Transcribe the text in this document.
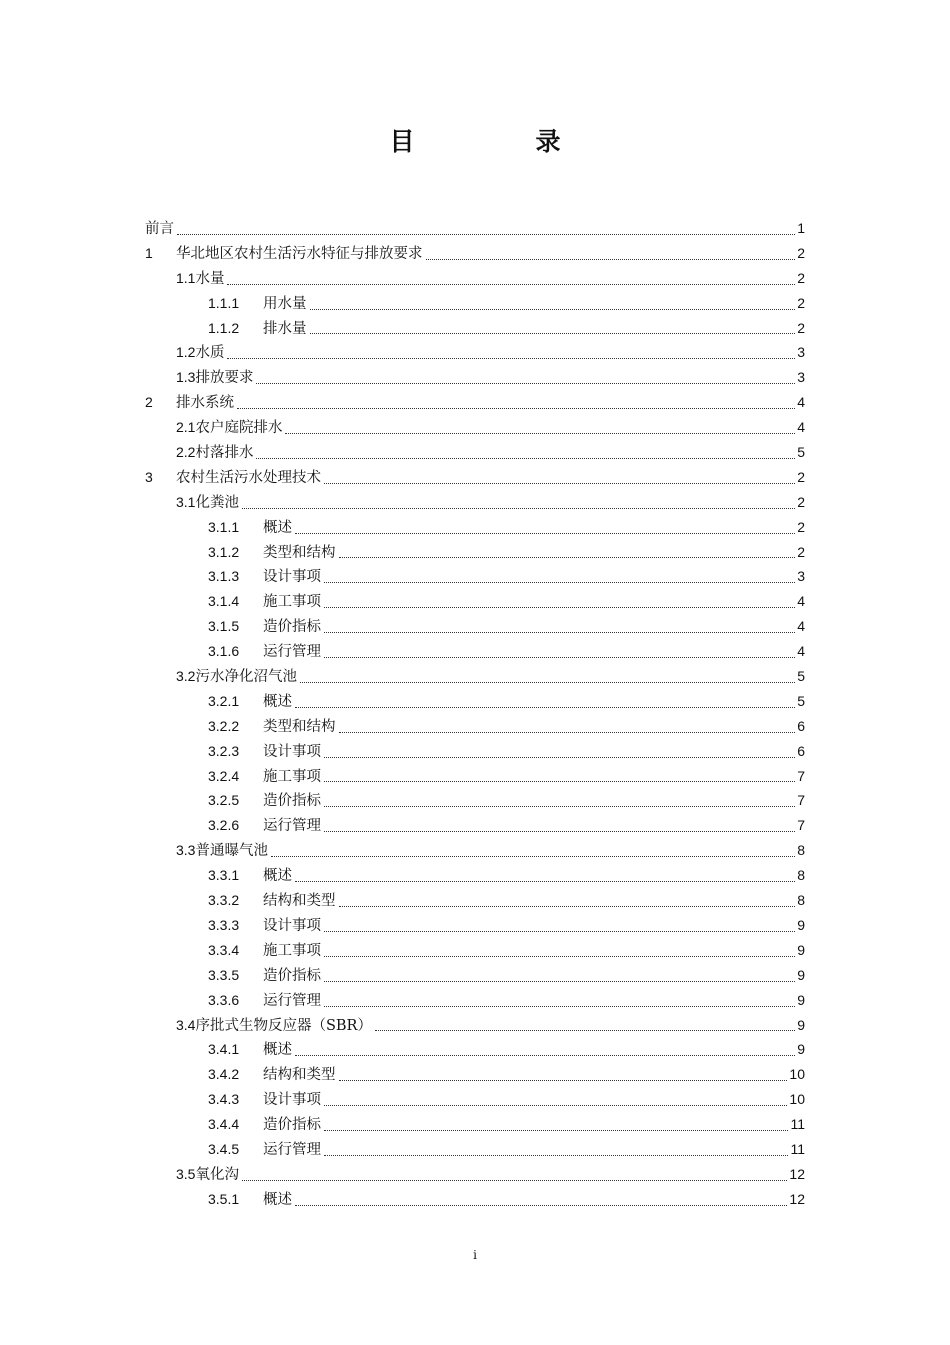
目　录
前言	1
1	华北地区农村生活污水特征与排放要求	2
1.1 水量	2
1.1.1	用水量	2
1.1.2	排水量	2
1.2 水质	3
1.3 排放要求	3
2	排水系统	4
2.1 农户庭院排水	4
2.2 村落排水	5
3	农村生活污水处理技术	2
3.1 化粪池	2
3.1.1	概述	2
3.1.2	类型和结构	2
3.1.3	设计事项	3
3.1.4	施工事项	4
3.1.5	造价指标	4
3.1.6	运行管理	4
3.2 污水净化沼气池	5
3.2.1	概述	5
3.2.2	类型和结构	6
3.2.3	设计事项	6
3.2.4	施工事项	7
3.2.5	造价指标	7
3.2.6	运行管理	7
3.3 普通曝气池	8
3.3.1	概述	8
3.3.2	结构和类型	8
3.3.3	设计事项	9
3.3.4	施工事项	9
3.3.5	造价指标	9
3.3.6	运行管理	9
3.4 序批式生物反应器（SBR）	9
3.4.1	概述	9
3.4.2	结构和类型	10
3.4.3	设计事项	10
3.4.4	造价指标	11
3.4.5	运行管理	11
3.5 氧化沟	12
3.5.1	概述	12
i
